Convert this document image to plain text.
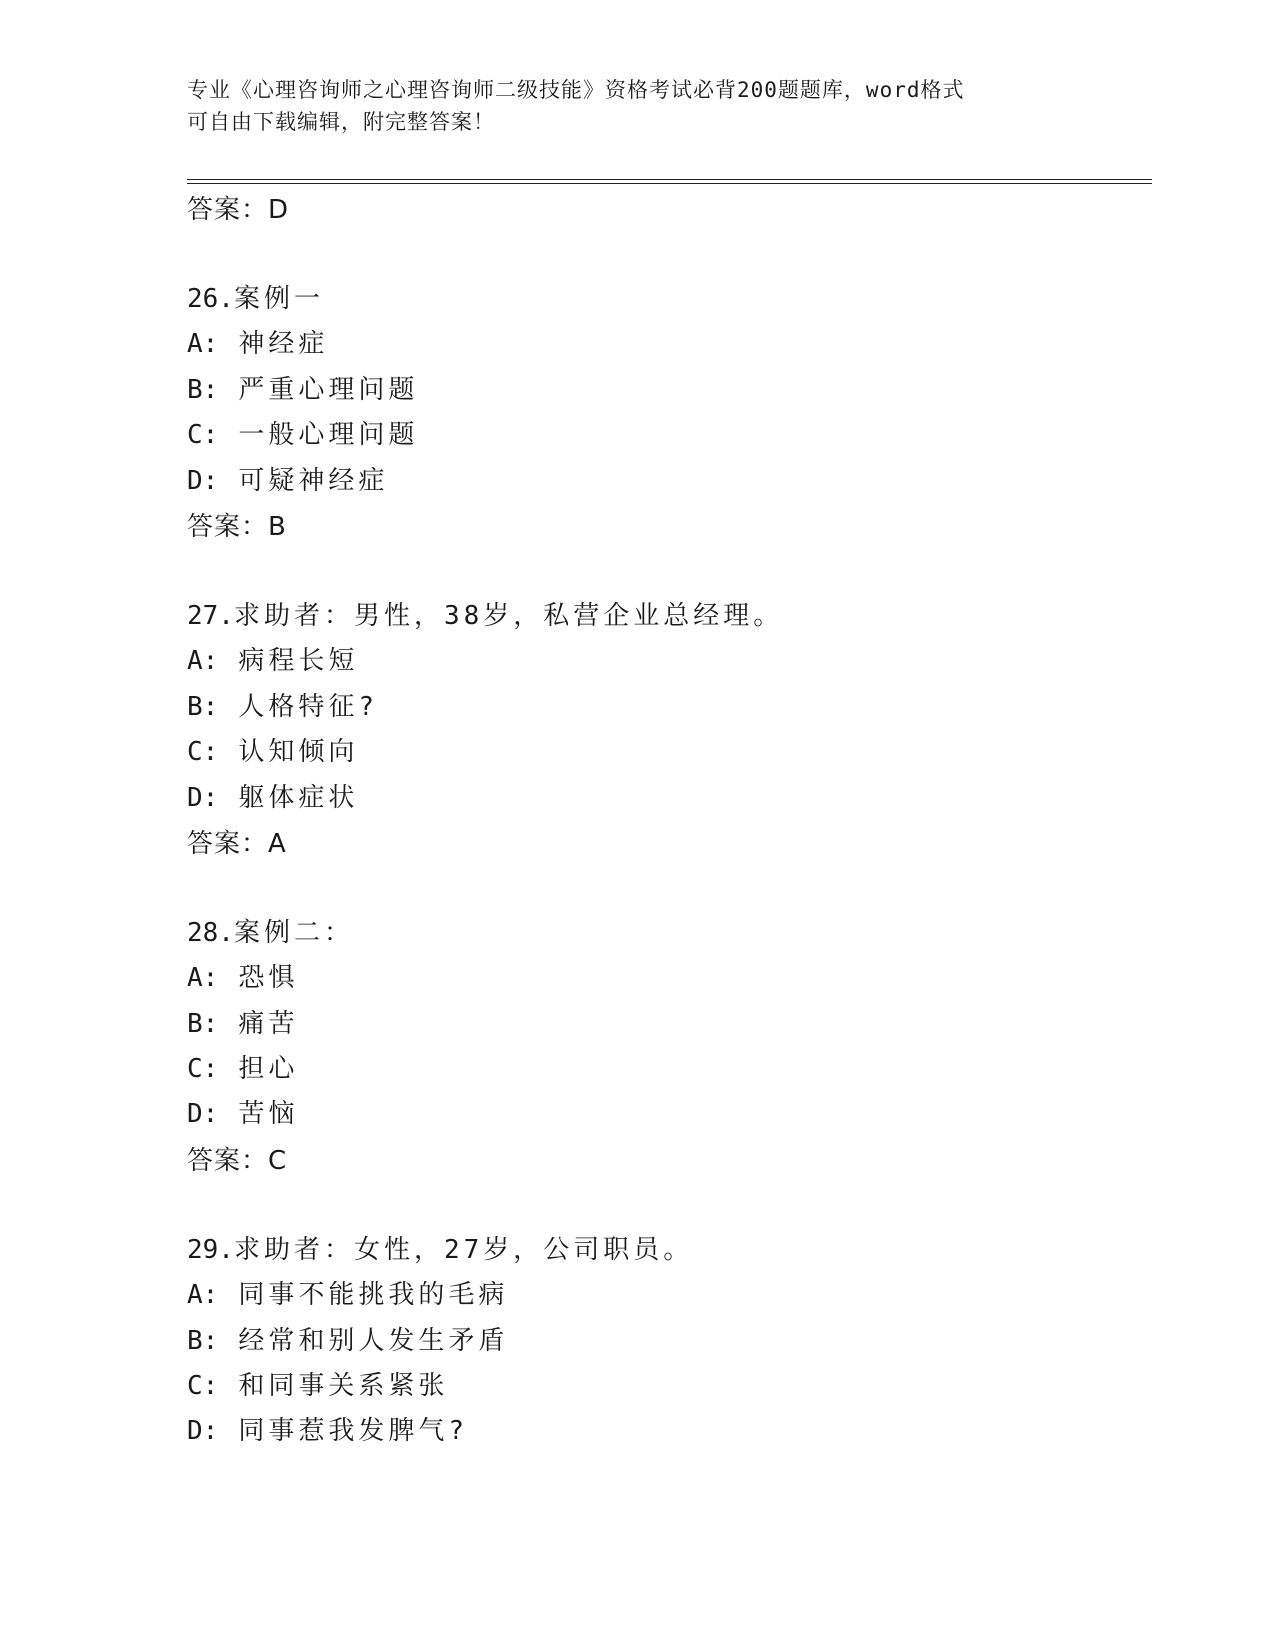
专业《心理咨询师之心理咨询师二级技能》资格考试必背200题题库，word格式
可自由下载编辑，附完整答案！
答案：D
26.案例一
A: 神经症
B: 严重心理问题
C: 一般心理问题
D: 可疑神经症
答案：B
27.求助者：男性，38岁，私营企业总经理。
A: 病程长短
B: 人格特征?
C: 认知倾向
D: 躯体症状
答案：A
28.案例二：
A: 恐惧
B: 痛苦
C: 担心
D: 苦恼
答案：C
29.求助者：女性，27岁，公司职员。
A: 同事不能挑我的毛病
B: 经常和别人发生矛盾
C: 和同事关系紧张
D: 同事惹我发脾气?
